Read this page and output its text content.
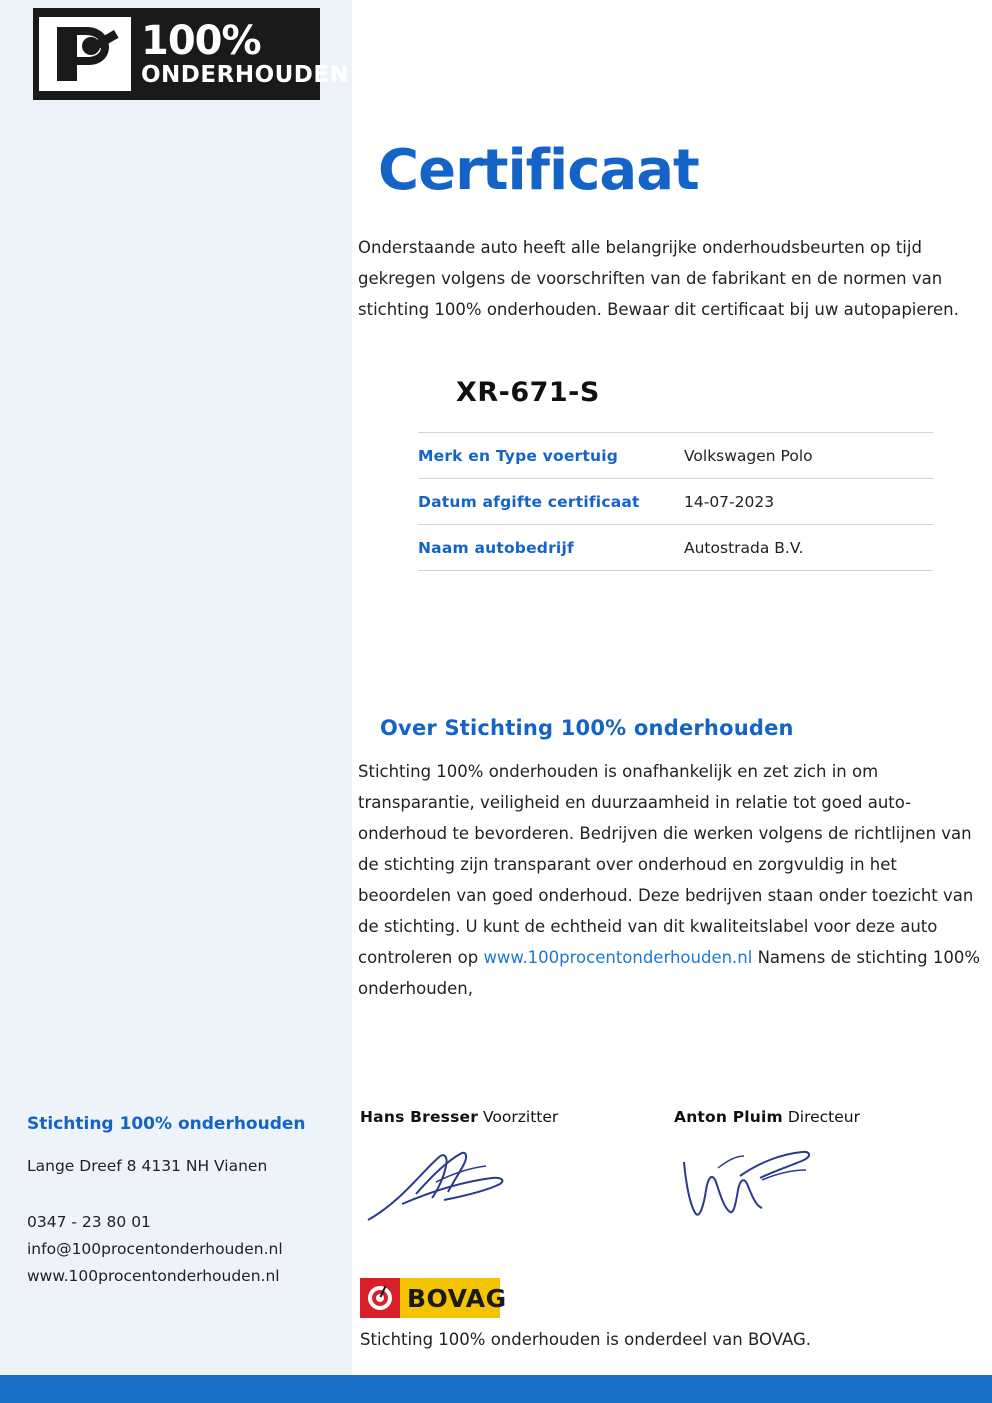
100%
ONDERHOUDEN
Certificaat
Onderstaande auto heeft alle belangrijke onderhoudsbeurten op tijd gekregen volgens de voorschriften van de fabrikant en de normen van stichting 100% onderhouden. Bewaar dit certificaat bij uw autopapieren.
XR-671-S
Merk en Type voertuig	Volkswagen Polo
Datum afgifte certificaat	14-07-2023
Naam autobedrijf	Autostrada B.V.
Over Stichting 100% onderhouden
Stichting 100% onderhouden is onafhankelijk en zet zich in om transparantie, veiligheid en duurzaamheid in relatie tot goed auto-onderhoud te bevorderen. Bedrijven die werken volgens de richtlijnen van de stichting zijn transparant over onderhoud en zorgvuldig in het beoordelen van goed onderhoud. Deze bedrijven staan onder toezicht van de stichting. U kunt de echtheid van dit kwaliteitslabel voor deze auto controleren op www.100procentonderhouden.nl Namens de stichting 100% onderhouden,
Hans Bresser Voorzitter	Anton Pluim Directeur
BOVAG
Stichting 100% onderhouden is onderdeel van BOVAG.
Stichting 100% onderhouden
Lange Dreef 8 4131 NH Vianen
0347 - 23 80 01
info@100procentonderhouden.nl
www.100procentonderhouden.nl
